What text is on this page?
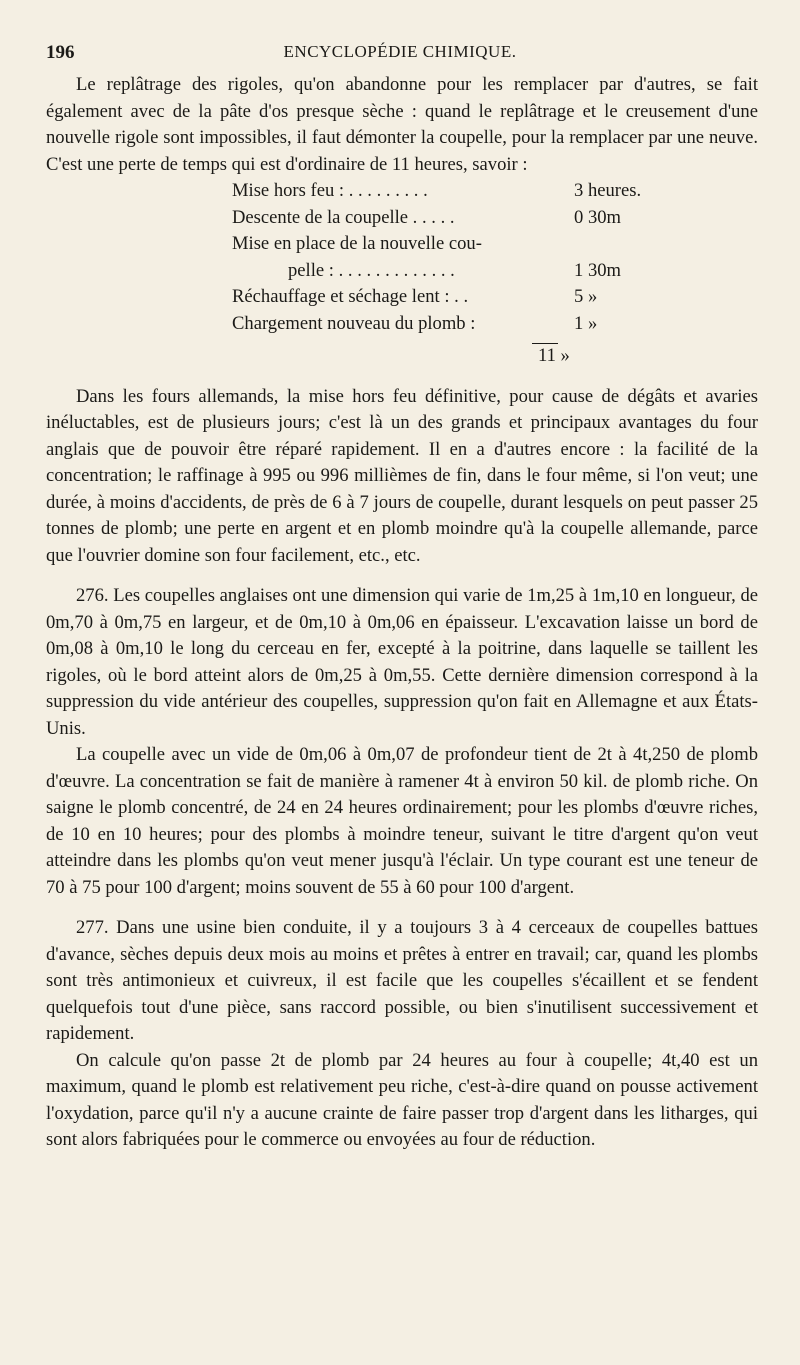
196	ENCYCLOPÉDIE CHIMIQUE.

Le replâtrage des rigoles, qu'on abandonne pour les remplacer par d'autres, se fait également avec de la pâte d'os presque sèche : quand le replâtrage et le creusement d'une nouvelle rigole sont impossibles, il faut démonter la coupelle, pour la remplacer par une neuve. C'est une perte de temps qui est d'ordinaire de 11 heures, savoir :

Mise hors feu : . . . . . . . . .	3 heures.
Descente de la coupelle . . . . .	0 30m
Mise en place de la nouvelle cou-
pelle : . . . . . . . . . . . . .	1 30m
Réchauffage et séchage lent : . .	5 »
Chargement nouveau du plomb :	1 »
11 »

Dans les fours allemands, la mise hors feu définitive, pour cause de dégâts et avaries inéluctables, est de plusieurs jours; c'est là un des grands et principaux avantages du four anglais que de pouvoir être réparé rapidement. Il en a d'autres encore : la facilité de la concentration; le raffinage à 995 ou 996 millièmes de fin, dans le four même, si l'on veut; une durée, à moins d'accidents, de près de 6 à 7 jours de coupelle, durant lesquels on peut passer 25 tonnes de plomb; une perte en argent et en plomb moindre qu'à la coupelle allemande, parce que l'ouvrier domine son four facilement, etc., etc.

276. Les coupelles anglaises ont une dimension qui varie de 1m,25 à 1m,10 en longueur, de 0m,70 à 0m,75 en largeur, et de 0m,10 à 0m,06 en épaisseur. L'excavation laisse un bord de 0m,08 à 0m,10 le long du cerceau en fer, excepté à la poitrine, dans laquelle se taillent les rigoles, où le bord atteint alors de 0m,25 à 0m,55. Cette dernière dimension correspond à la suppression du vide antérieur des coupelles, suppression qu'on fait en Allemagne et aux États-Unis.

La coupelle avec un vide de 0m,06 à 0m,07 de profondeur tient de 2t à 4t,250 de plomb d'œuvre. La concentration se fait de manière à ramener 4t à environ 50 kil. de plomb riche. On saigne le plomb concentré, de 24 en 24 heures ordinairement; pour les plombs d'œuvre riches, de 10 en 10 heures; pour des plombs à moindre teneur, suivant le titre d'argent qu'on veut atteindre dans les plombs qu'on veut mener jusqu'à l'éclair. Un type courant est une teneur de 70 à 75 pour 100 d'argent; moins souvent de 55 à 60 pour 100 d'argent.

277. Dans une usine bien conduite, il y a toujours 3 à 4 cerceaux de coupelles battues d'avance, sèches depuis deux mois au moins et prêtes à entrer en travail; car, quand les plombs sont très antimonieux et cuivreux, il est facile que les coupelles s'écaillent et se fendent quelquefois tout d'une pièce, sans raccord possible, ou bien s'inutilisent successivement et rapidement.

On calcule qu'on passe 2t de plomb par 24 heures au four à coupelle; 4t,40 est un maximum, quand le plomb est relativement peu riche, c'est-à-dire quand on pousse activement l'oxydation, parce qu'il n'y a aucune crainte de faire passer trop d'argent dans les litharges, qui sont alors fabriquées pour le commerce ou envoyées au four de réduction.
